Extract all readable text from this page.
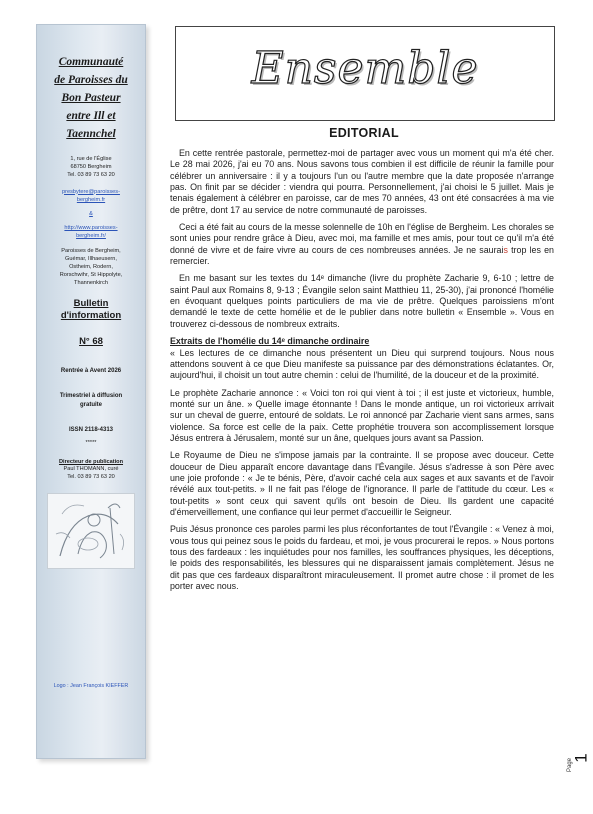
Communauté
de Paroisses du
Bon Pasteur
entre Ill et
Taennchel
1, rue de l'Église
68750 Bergheim
Tel. 03 89 73 63 20
presbytere@paroisses-
bergheim.fr
&
http://www.paroisses-
bergheim.fr/
Paroisses de Bergheim,
Guémar, Illhaeusern,
Ostheim, Rodern,
Rorschwihr, St Hippolyte,
Thannenkirch
Bulletin
d'information
N° 68
Rentrée à Avent 2026
Trimestriel à diffusion
gratuite
ISSN 2118-4313
*****
Directeur de publication
Paul THOMANN, curé
Tel. 03 89 73 63 20
Logo : Jean François KIEFFER
Ensemble
EDITORIAL

En cette rentrée pastorale, permettez-moi de partager avec vous un moment qui m'a été cher. Le 28 mai 2026, j'ai eu 70 ans. Nous savons tous combien il est difficile de réunir la famille pour célébrer un anniversaire : il y a toujours l'un ou l'autre membre que la date proposée n'arrange pas. On finit par se décider : viendra qui pourra. Personnellement, j'ai choisi le 5 juillet. Mais je tenais également à célébrer en paroisse, car de mes 70 années, 43 ont été consacrées à ma vie de prêtre, dont 17 au service de notre communauté de paroisses.

Ceci a été fait au cours de la messe solennelle de 10h en l'église de Bergheim. Les chorales se sont unies pour rendre grâce à Dieu, avec moi, ma famille et mes amis, pour tout ce qu'il m'a été donné de vivre et de faire vivre au cours de ces nombreuses années. Je ne saurais trop les en remercier.

En me basant sur les textes du 14ᵉ dimanche (livre du prophète Zacharie 9, 6-10 ; lettre de saint Paul aux Romains 8, 9-13 ; Évangile selon saint Matthieu 11, 25-30), j'ai prononcé l'homélie en évoquant quelques points particuliers de ma vie de prêtre. Quelques paroissiens m'ont demandé le texte de cette homélie et de le publier dans notre bulletin « Ensemble ». Vous en trouverez ci-dessous de nombreux extraits.

Extraits de l'homélie du 14ᵉ dimanche ordinaire

« Les lectures de ce dimanche nous présentent un Dieu qui surprend toujours. Nous nous attendons souvent à ce que Dieu manifeste sa puissance par des démonstrations éclatantes. Or, aujourd'hui, il choisit un tout autre chemin : celui de l'humilité, de la douceur et de la proximité.

Le prophète Zacharie annonce : « Voici ton roi qui vient à toi ; il est juste et victorieux, humble, monté sur un âne. » Quelle image étonnante ! Dans le monde antique, un roi victorieux arrivait sur un cheval de guerre, entouré de soldats. Le roi annoncé par Zacharie vient sans armes, sans violence. Sa force est celle de la paix. Cette prophétie trouvera son accomplissement lorsque Jésus entrera à Jérusalem, monté sur un âne, quelques jours avant sa Passion.

Le Royaume de Dieu ne s'impose jamais par la contrainte. Il se propose avec douceur. Cette douceur de Dieu apparaît encore davantage dans l'Évangile. Jésus s'adresse à son Père avec une joie profonde : « Je te bénis, Père, d'avoir caché cela aux sages et aux savants et de l'avoir révélé aux tout-petits. » Il ne fait pas l'éloge de l'ignorance. Il parle de l'attitude du cœur. Les « tout-petits » sont ceux qui savent qu'ils ont besoin de Dieu. Ils gardent une capacité d'émerveillement, une confiance qui leur permet d'accueillir le Seigneur.

Puis Jésus prononce ces paroles parmi les plus réconfortantes de tout l'Évangile : « Venez à moi, vous tous qui peinez sous le poids du fardeau, et moi, je vous procurerai le repos. » Nous portons tous des fardeaux : les inquiétudes pour nos familles, les souffrances physiques, les déceptions, le poids des responsabilités, les blessures qui ne disparaissent jamais complètement. Jésus ne dit pas que ces fardeaux disparaîtront miraculeusement. Il promet autre chose : il promet de les porter avec nous.

Page
1
